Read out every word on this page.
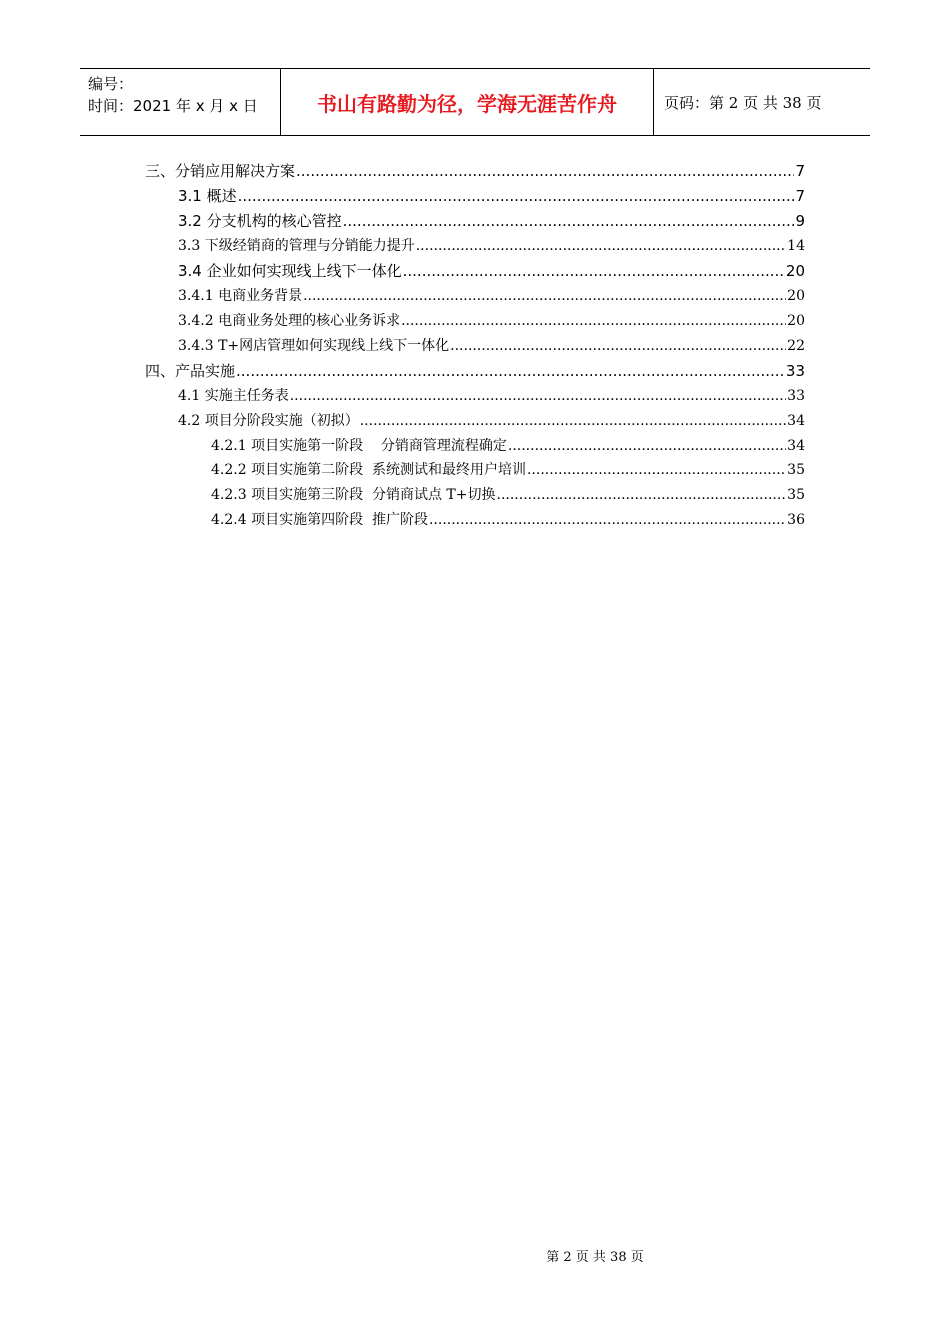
编号：
时间：2021 年 x 月 x 日	书山有路勤为径，学海无涯苦作舟	页码：第 2 页 共 38 页
三、分销应用解决方案 .....	7
3.1 概述 .....	7
3.2 分支机构的核心管控 .....	9
3.3 下级经销商的管理与分销能力提升 .....	14
3.4 企业如何实现线上线下一体化 .....	20
3.4.1 电商业务背景 .....	20
3.4.2 电商业务处理的核心业务诉求 .....	20
3.4.3 T+网店管理如何实现线上线下一体化 .....	22
四、产品实施 .....	33
4.1 实施主任务表 .....	33
4.2 项目分阶段实施（初拟） .....	34
4.2.1 项目实施第一阶段    分销商管理流程确定 .....	34
4.2.2 项目实施第二阶段  系统测试和最终用户培训 .....	35
4.2.3 项目实施第三阶段  分销商试点 T+切换 .....	35
4.2.4 项目实施第四阶段  推广阶段 .....	36
第 2 页 共 38 页
